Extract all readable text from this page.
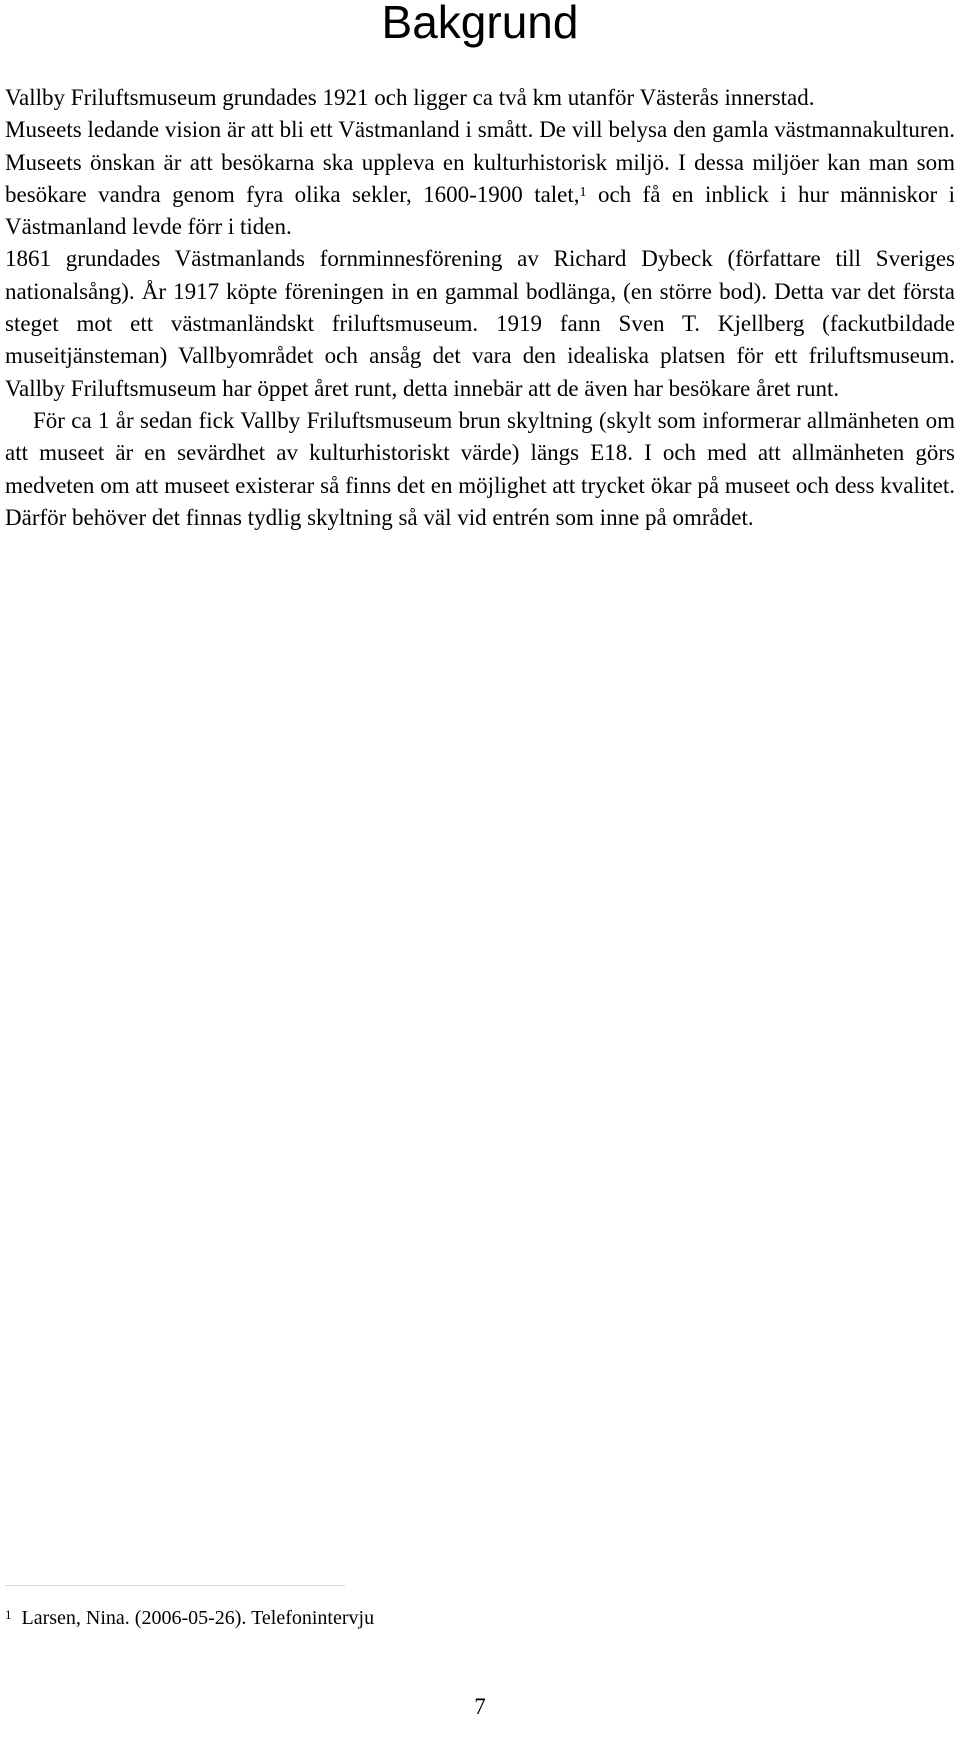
Bakgrund

Vallby Friluftsmuseum grundades 1921 och ligger ca två km utanför Västerås innerstad.

Museets ledande vision är att bli ett Västmanland i smått. De vill belysa den gamla västmannakulturen. Museets önskan är att besökarna ska uppleva en kulturhistorisk miljö. I dessa miljöer kan man som besökare vandra genom fyra olika sekler, 1600-1900 talet,$^1$ och få en inblick i hur människor i Västmanland levde förr i tiden.

1861 grundades Västmanlands fornminnesförening av Richard Dybeck (författare till Sveriges nationalsång). År 1917 köpte föreningen in en gammal bodlänga, (en större bod). Detta var det första steget mot ett västmanländskt friluftsmuseum. 1919 fann Sven T. Kjellberg (fackutbildade museitjänsteman) Vallbyområdet och ansåg det vara den idealiska platsen för ett friluftsmuseum. Vallby Friluftsmuseum har öppet året runt, detta innebär att de även har besökare året runt.

För ca 1 år sedan fick Vallby Friluftsmuseum brun skyltning (skylt som informerar allmänheten om att museet är en sevärdhet av kulturhistoriskt värde) längs E18. I och med att allmänheten görs medveten om att museet existerar så finns det en möjlighet att trycket ökar på museet och dess kvalitet. Därför behöver det finnas tydlig skyltning så väl vid entrén som inne på området.

$^1$ Larsen, Nina. (2006-05-26). Telefonintervju
7
